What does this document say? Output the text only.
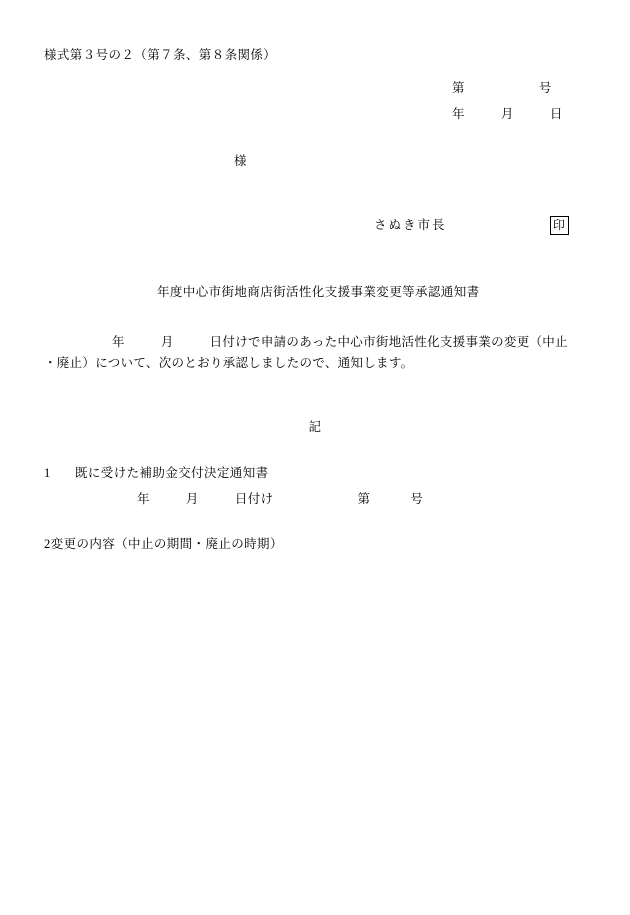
様式第３号の２（第７条、第８条関係）
第	号
年	月	日
様
さぬき市長	印
年度中心市街地商店街活性化支援事業変更等承認通知書
年	月	日付けで申請のあった中心市街地活性化支援事業の変更（中止
・廃止）について、次のとおり承認しましたので、通知します。
記
1 既に受けた補助金交付決定通知書
年	月	日付け	第	号
2変更の内容（中止の期間・廃止の時期）
